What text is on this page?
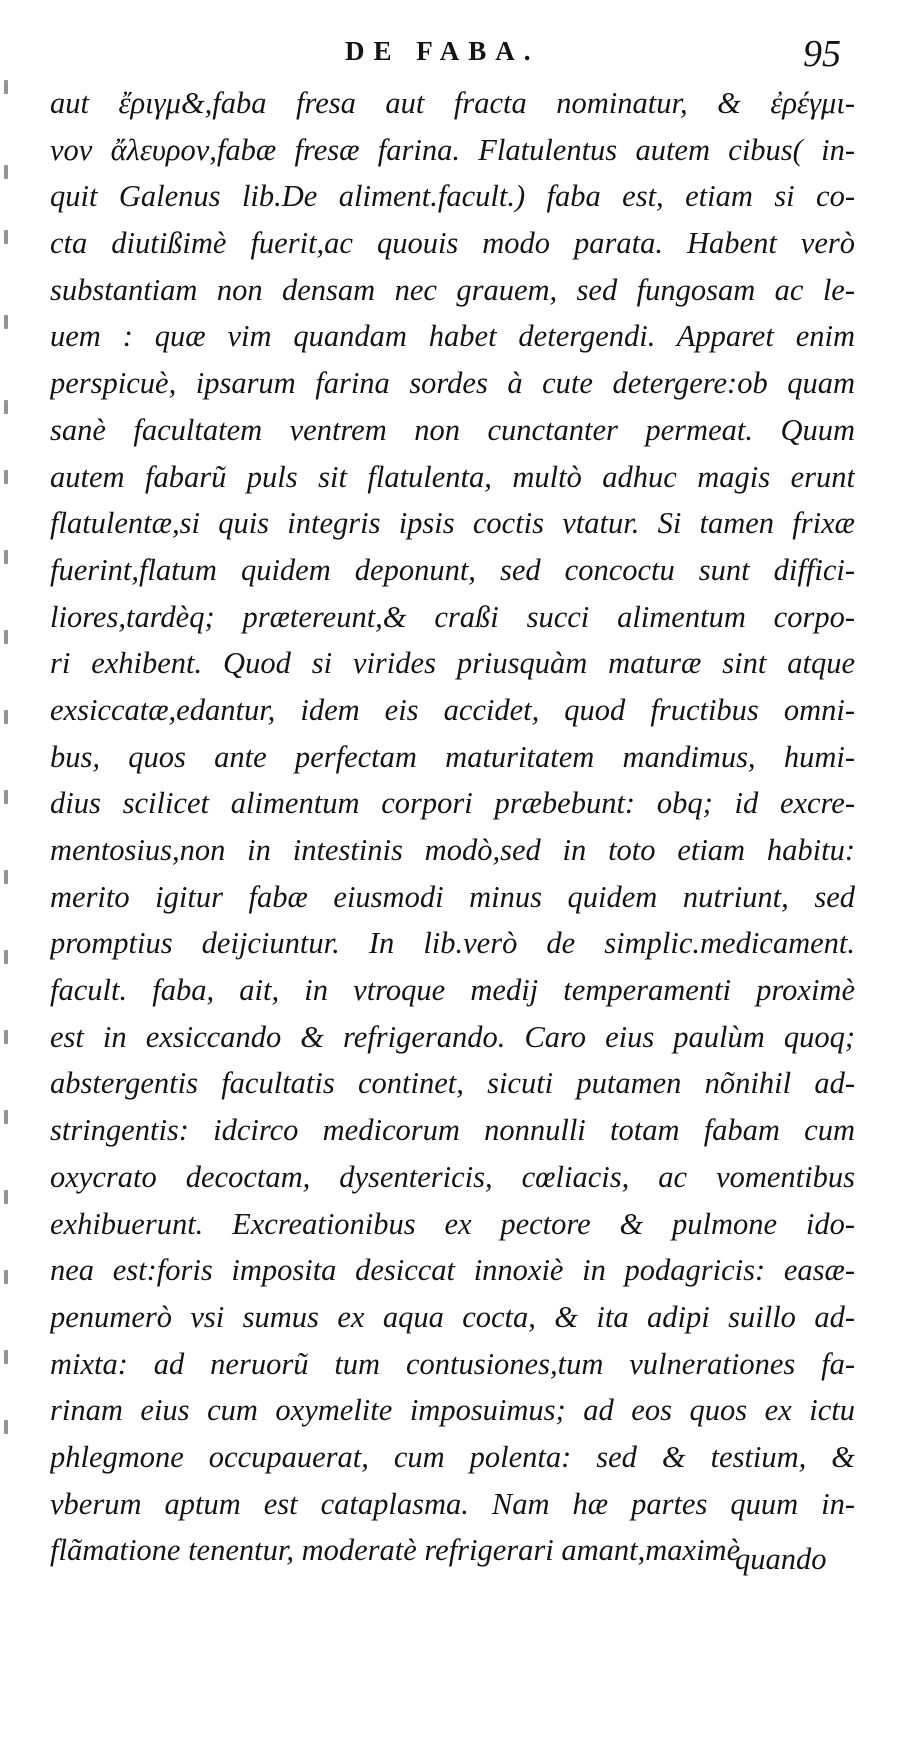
DE FABA.	95
aut ἔριγμ&,faba fresa aut fracta nominatur, & ἐρέγμι-
νον ἄλευρον,fabæ fresæ farina. Flatulentus autem cibus( in-
quit Galenus lib.De aliment.facult.) faba est, etiam si co-
cta diutißimè fuerit,ac quouis modo parata. Habent verò
substantiam non densam nec grauem, sed fungosam ac le-
uem : quæ vim quandam habet detergendi. Apparet enim
perspicuè, ipsarum farina sordes à cute detergere:ob quam
sanè facultatem ventrem non cunctanter permeat. Quum
autem fabarũ puls sit flatulenta, multò adhuc magis erunt
flatulentæ,si quis integris ipsis coctis vtatur. Si tamen frixæ
fuerint,flatum quidem deponunt, sed concoctu sunt diffici-
liores,tardèq; prætereunt,& craßi succi alimentum corpo-
ri exhibent. Quod si virides priusquàm maturæ sint atque
exsiccatæ,edantur, idem eis accidet, quod fructibus omni-
bus, quos ante perfectam maturitatem mandimus, humi-
dius scilicet alimentum corpori præbebunt: obq; id excre-
mentosius,non in intestinis modò,sed in toto etiam habitu:
merito igitur fabæ eiusmodi minus quidem nutriunt, sed
promptius deijciuntur. In lib.verò de simplic.medicament.
facult. faba, ait, in vtroque medij temperamenti proximè
est in exsiccando & refrigerando. Caro eius paulùm quoq;
abstergentis facultatis continet, sicuti putamen nõnihil ad-
stringentis: idcirco medicorum nonnulli totam fabam cum
oxycrato decoctam, dysentericis, cœliacis, ac vomentibus
exhibuerunt. Excreationibus ex pectore & pulmone ido-
nea est:foris imposita desiccat innoxiè in podagricis: easæ-
penumerò vsi sumus ex aqua cocta, & ita adipi suillo ad-
mixta: ad neruorũ tum contusiones,tum vulnerationes fa-
rinam eius cum oxymelite imposuimus; ad eos quos ex ictu
phlegmone occupauerat, cum polenta: sed & testium, &
vberum aptum est cataplasma. Nam hæ partes quum in-
flãmatione tenentur, moderatè refrigerari amant,maximè
quando
